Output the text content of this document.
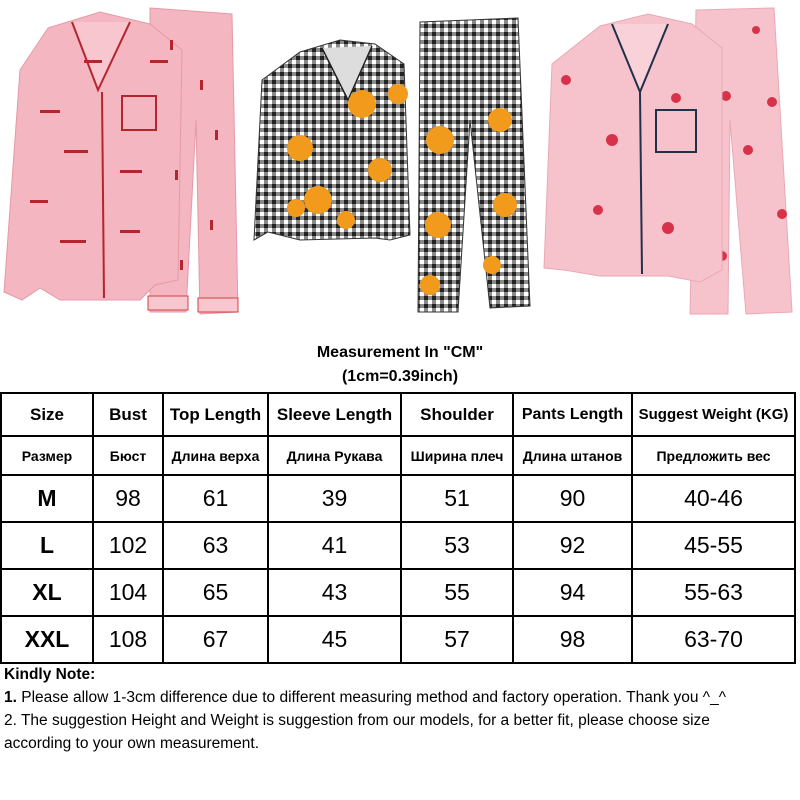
Measurement In "CM"
(1cm=0.39inch)
Size	Bust	Top Length	Sleeve Length	Shoulder	Pants Length	Suggest Weight (KG)
Размер	Бюст	Длина верха	Длина Рукава	Ширина плеч	Длина штанов	Предложить вес
M	98	61	39	51	90	40-46
L	102	63	41	53	92	45-55
XL	104	65	43	55	94	55-63
XXL	108	67	45	57	98	63-70
Kindly Note:
1. Please allow 1-3cm difference due to different measuring method and factory operation. Thank you ^_^
2. The suggestion Height and Weight is suggestion from our models, for a better fit, please choose size
according to your own measurement.
